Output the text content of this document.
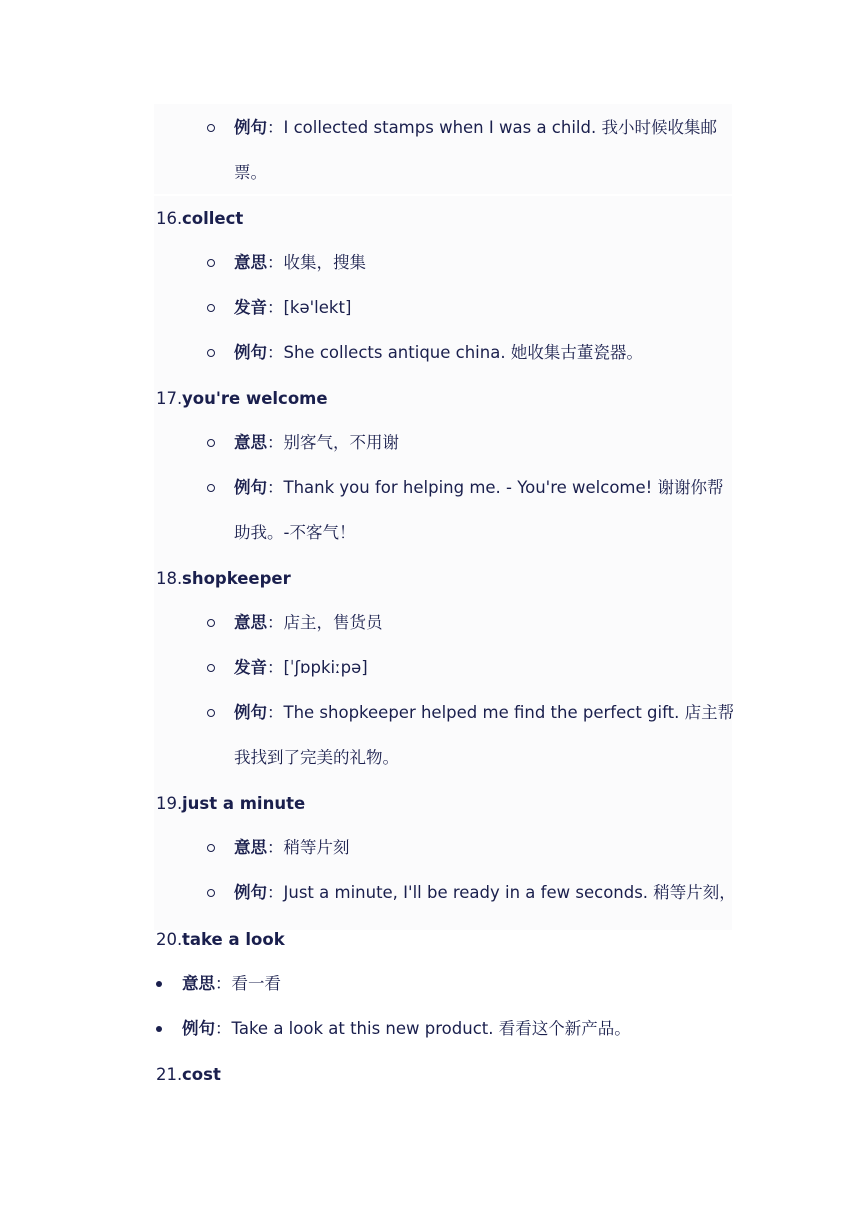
例句：I collected stamps when I was a child. 我小时候收集邮
票。
16.collect
意思：收集，搜集
发音：[kə'lekt]
例句：She collects antique china. 她收集古董瓷器。
17.you're welcome
意思：别客气，不用谢
例句：Thank you for helping me. - You're welcome! 谢谢你帮
助我。-不客气！
18.shopkeeper
意思：店主，售货员
发音：[ˈʃɒpkiːpə]
例句：The shopkeeper helped me find the perfect gift. 店主帮
我找到了完美的礼物。
19.just a minute
意思：稍等片刻
例句：Just a minute, I'll be ready in a few seconds. 稍等片刻，
20.take a look
意思：看一看
例句：Take a look at this new product. 看看这个新产品。
21.cost
